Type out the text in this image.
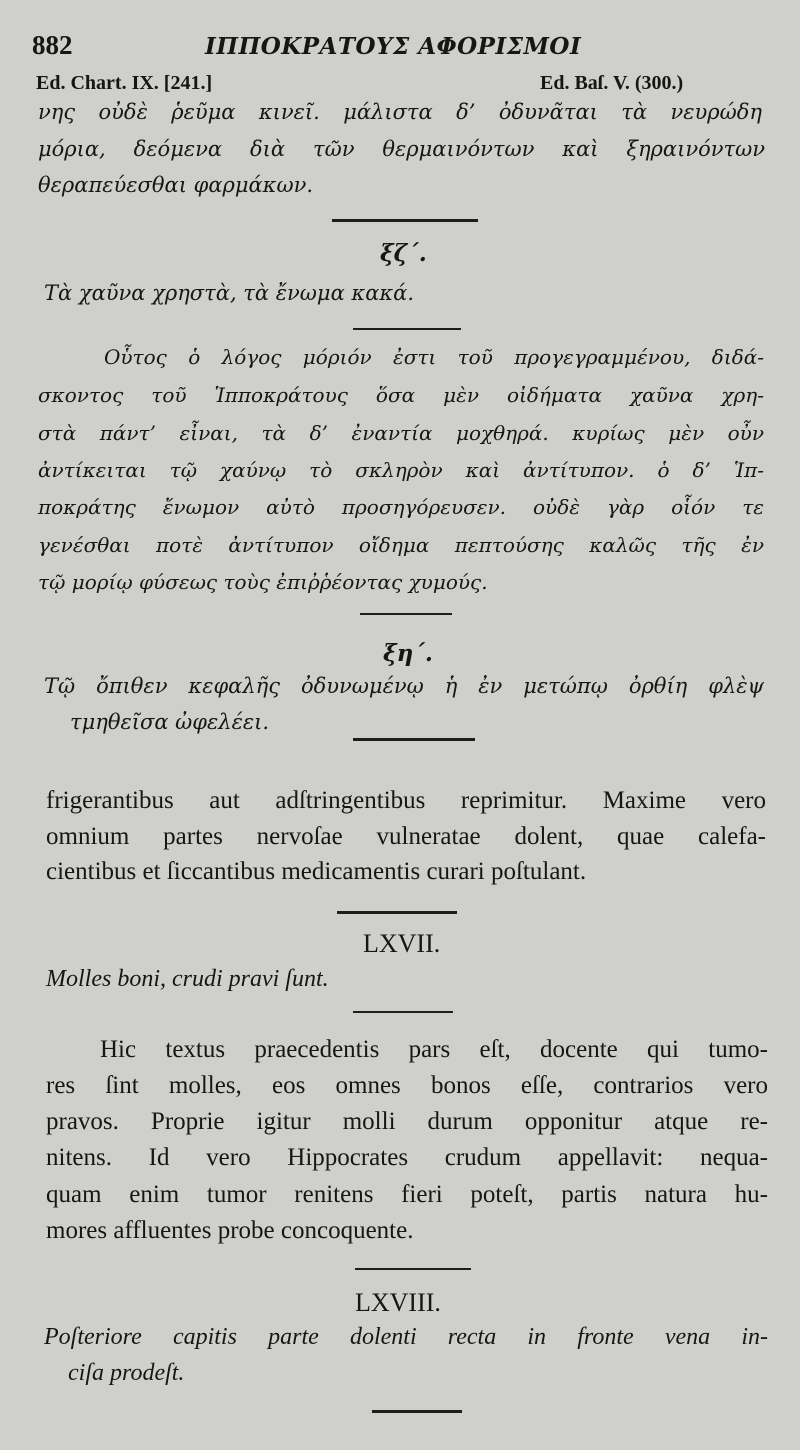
882	ΙΠΠΟΚΡΑΤΟΥΣ ΑΦΟΡΙΣΜΟΙ
Ed. Chart. IX. [241.]	Ed. Baſ. V. (300.)
νης οὐδὲ ῥεῦμα κινεῖ. μάλιστα δ’ ὀδυνᾶται τὰ νευρώδη
μόρια, δεόμενα διὰ τῶν θερμαινόντων καὶ ξηραινόντων
θεραπεύεσθαι φαρμάκων.
ξζ΄.
Τὰ χαῦνα χρηστὰ, τὰ ἔνωμα κακά.
Οὗτος ὁ λόγος μόριόν ἐστι τοῦ προγεγραμμένου, διδά-
σκοντος τοῦ Ἱπποκράτους ὅσα μὲν οἰδήματα χαῦνα χρη-
στὰ πάντ’ εἶναι, τὰ δ’ ἐναντία μοχθηρά. κυρίως μὲν οὖν
ἀντίκειται τῷ χαύνῳ τὸ σκληρὸν καὶ ἀντίτυπον. ὁ δ’ Ἱπ-
ποκράτης ἔνωμον αὐτὸ προσηγόρευσεν. οὐδὲ γὰρ οἷόν τε
γενέσθαι ποτὲ ἀντίτυπον οἴδημα πεπτούσης καλῶς τῆς ἐν
τῷ μορίῳ φύσεως τοὺς ἐπιῤῥέοντας χυμούς.
ξη΄.
Τῷ ὄπιθεν κεφαλῆς ὀδυνωμένῳ ἡ ἐν μετώπῳ ὀρθίη φλὲψ
τμηθεῖσα ὠφελέει.
frigerantibus aut adſtringentibus reprimitur. Maxime vero
omnium partes nervoſae vulneratae dolent, quae calefa-
cientibus et ſiccantibus medicamentis curari poſtulant.
LXVII.
Molles boni, crudi pravi ſunt.
Hic textus praecedentis pars eſt, docente qui tumo-
res ſint molles, eos omnes bonos eſſe, contrarios vero
pravos. Proprie igitur molli durum opponitur atque re-
nitens. Id vero Hippocrates crudum appellavit: nequa-
quam enim tumor renitens fieri poteſt, partis natura hu-
mores affluentes probe concoquente.
LXVIII.
Poſteriore capitis parte dolenti recta in fronte vena in-
ciſa prodeſt.
